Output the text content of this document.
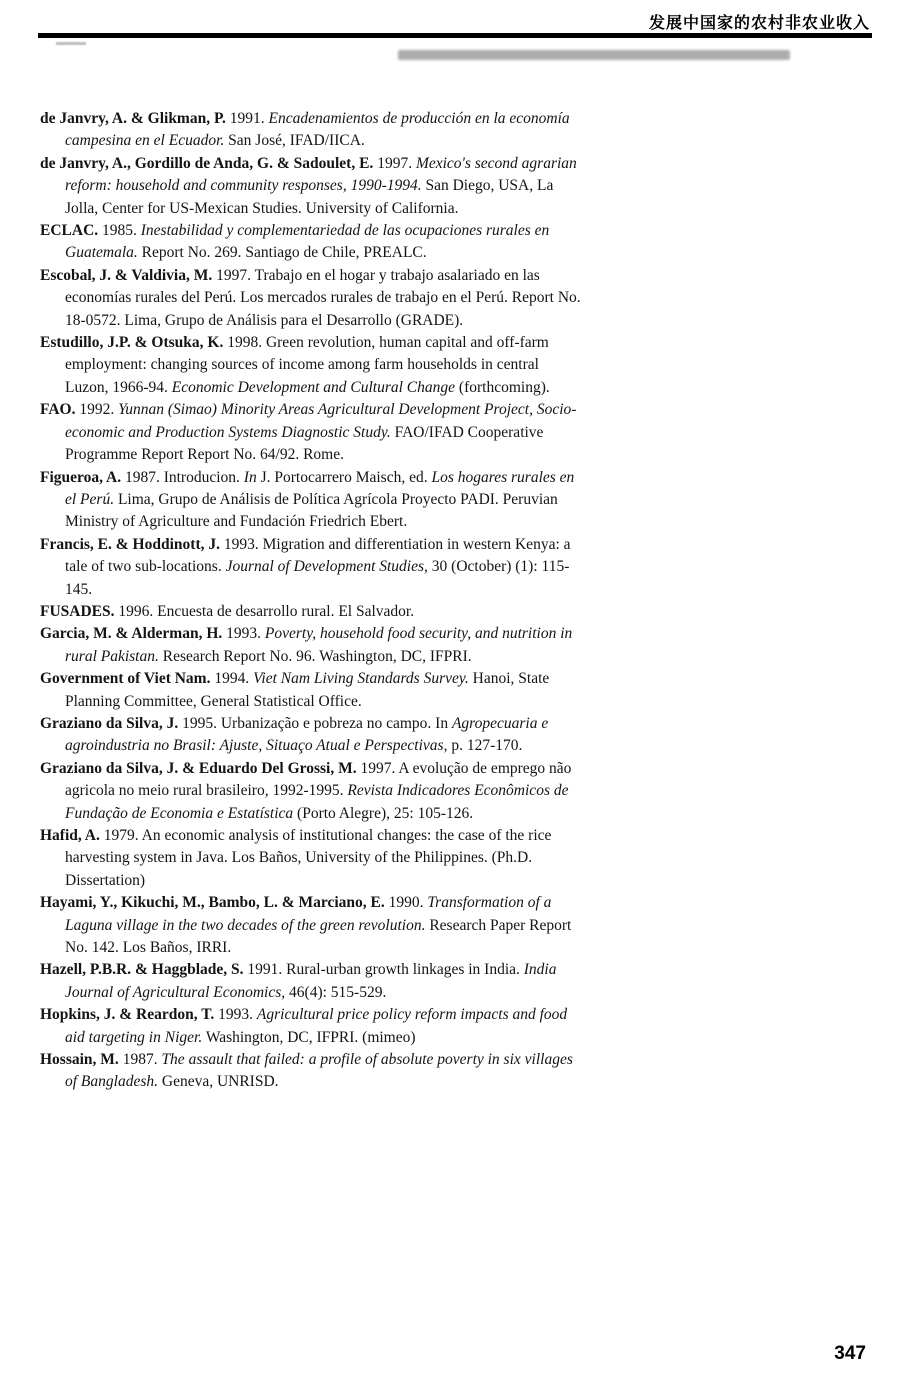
发展中国家的农村非农业收入
de Janvry, A. & Glikman, P. 1991. Encadenamientos de producción en la economía campesina en el Ecuador. San José, IFAD/IICA.
de Janvry, A., Gordillo de Anda, G. & Sadoulet, E. 1997. Mexico's second agrarian reform: household and community responses, 1990-1994. San Diego, USA, La Jolla, Center for US-Mexican Studies. University of California.
ECLAC. 1985. Inestabilidad y complementariedad de las ocupaciones rurales en Guatemala. Report No. 269. Santiago de Chile, PREALC.
Escobal, J. & Valdivia, M. 1997. Trabajo en el hogar y trabajo asalariado en las economías rurales del Perú. Los mercados rurales de trabajo en el Perú. Report No. 18-0572. Lima, Grupo de Análisis para el Desarrollo (GRADE).
Estudillo, J.P. & Otsuka, K. 1998. Green revolution, human capital and off-farm employment: changing sources of income among farm households in central Luzon, 1966-94. Economic Development and Cultural Change (forthcoming).
FAO. 1992. Yunnan (Simao) Minority Areas Agricultural Development Project, Socio-economic and Production Systems Diagnostic Study. FAO/IFAD Cooperative Programme Report Report No. 64/92. Rome.
Figueroa, A. 1987. Introducion. In J. Portocarrero Maisch, ed. Los hogares rurales en el Perú. Lima, Grupo de Análisis de Política Agrícola Proyecto PADI. Peruvian Ministry of Agriculture and Fundación Friedrich Ebert.
Francis, E. & Hoddinott, J. 1993. Migration and differentiation in western Kenya: a tale of two sub-locations. Journal of Development Studies, 30 (October) (1): 115-145.
FUSADES. 1996. Encuesta de desarrollo rural. El Salvador.
Garcia, M. & Alderman, H. 1993. Poverty, household food security, and nutrition in rural Pakistan. Research Report No. 96. Washington, DC, IFPRI.
Government of Viet Nam. 1994. Viet Nam Living Standards Survey. Hanoi, State Planning Committee, General Statistical Office.
Graziano da Silva, J. 1995. Urbanização e pobreza no campo. In Agropecuaria e agroindustria no Brasil: Ajuste, Situaço Atual e Perspectivas, p. 127-170.
Graziano da Silva, J. & Eduardo Del Grossi, M. 1997. A evolução de emprego não agricola no meio rural brasileiro, 1992-1995. Revista Indicadores Econômicos de Fundação de Economia e Estatística (Porto Alegre), 25: 105-126.
Hafid, A. 1979. An economic analysis of institutional changes: the case of the rice harvesting system in Java. Los Baños, University of the Philippines. (Ph.D. Dissertation)
Hayami, Y., Kikuchi, M., Bambo, L. & Marciano, E. 1990. Transformation of a Laguna village in the two decades of the green revolution. Research Paper Report No. 142. Los Baños, IRRI.
Hazell, P.B.R. & Haggblade, S. 1991. Rural-urban growth linkages in India. India Journal of Agricultural Economics, 46(4): 515-529.
Hopkins, J. & Reardon, T. 1993. Agricultural price policy reform impacts and food aid targeting in Niger. Washington, DC, IFPRI. (mimeo)
Hossain, M. 1987. The assault that failed: a profile of absolute poverty in six villages of Bangladesh. Geneva, UNRISD.
347
